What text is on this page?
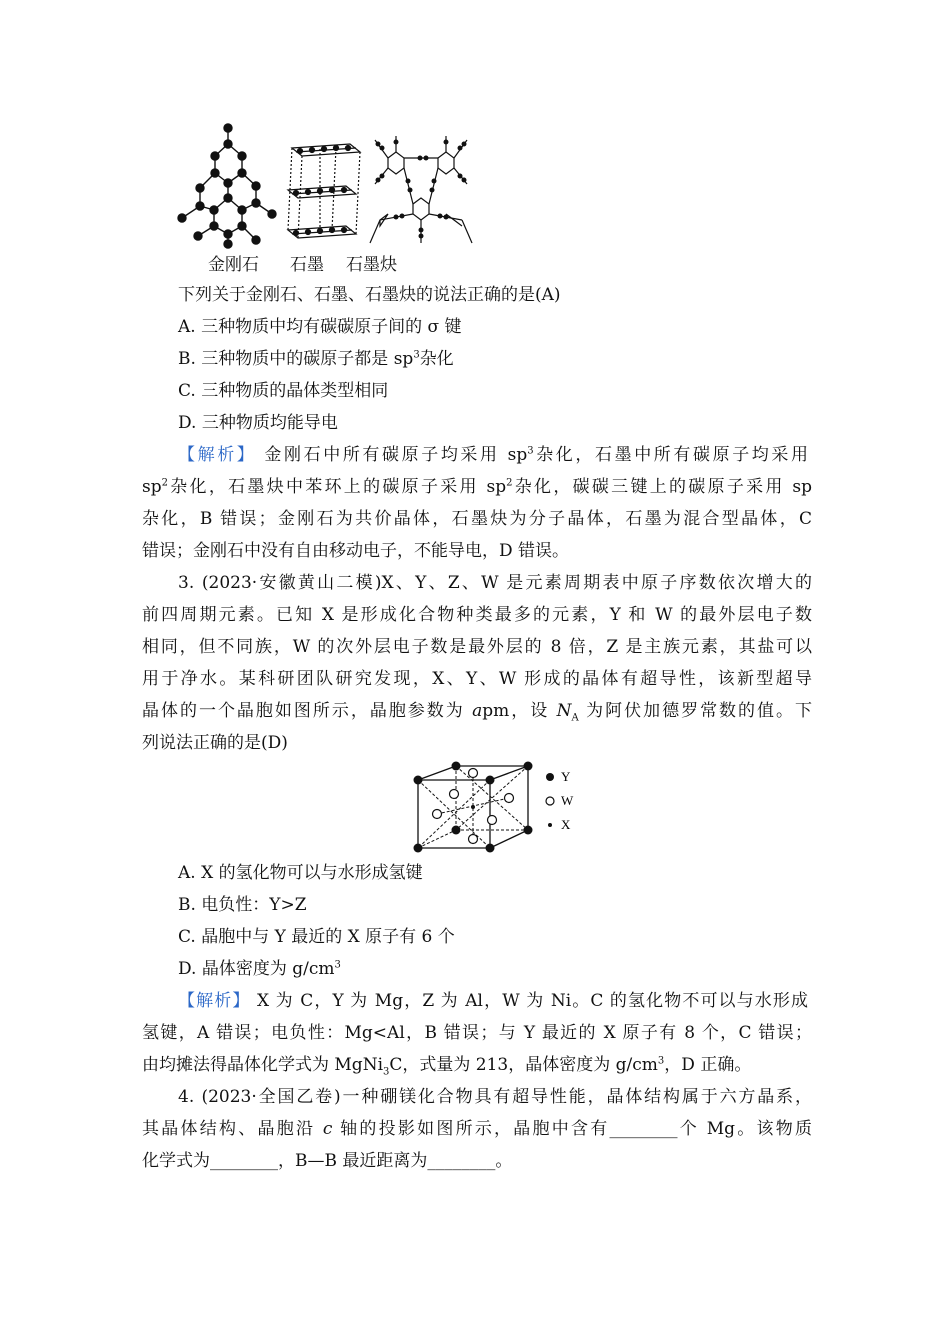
金刚石 石墨 石墨炔
下列关于金刚石、石墨、石墨炔的说法正确的是(A)
A. 三种物质中均有碳碳原子间的 σ 键
B. 三种物质中的碳原子都是 $sp^3$杂化
C. 三种物质的晶体类型相同
D. 三种物质均能导电
【解析】 金刚石中所有碳原子均采用 $sp^3$杂化，石墨中所有碳原子均采用
$sp^2$杂化，石墨炔中苯环上的碳原子采用 $sp^2$杂化，碳碳三键上的碳原子采用 sp
杂化，B 错误；金刚石为共价晶体，石墨炔为分子晶体，石墨为混合型晶体，C
错误；金刚石中没有自由移动电子，不能导电，D 错误。
3. (2023·安徽黄山二模)X、Y、Z、W 是元素周期表中原子序数依次增大的
前四周期元素。已知 X 是形成化合物种类最多的元素，Y 和 W 的最外层电子数
相同，但不同族，W 的次外层电子数是最外层的 8 倍，Z 是主族元素，其盐可以
用于净水。某科研团队研究发现，X、Y、W 形成的晶体有超导性，该新型超导
晶体的一个晶胞如图所示，晶胞参数为 apm，设 $N_A$ 为阿伏加德罗常数的值。下
列说法正确的是(D)
Y
W
X
A. X 的氢化物可以与水形成氢键
B. 电负性：Y>Z
C. 晶胞中与 Y 最近的 X 原子有 6 个
D. 晶体密度为 $g/cm^3$
【解析】 X 为 C，Y 为 Mg，Z 为 Al，W 为 Ni。C 的氢化物不可以与水形成
氢键，A 错误；电负性：Mg<Al，B 错误；与 Y 最近的 X 原子有 8 个，C 错误；
由均摊法得晶体化学式为 MgNi$_3$C，式量为 213，晶体密度为 $g/cm^3$，D 正确。
4. (2023·全国乙卷)一种硼镁化合物具有超导性能，晶体结构属于六方晶系，
其晶体结构、晶胞沿 c 轴的投影如图所示，晶胞中含有________个 Mg。该物质
化学式为________，B—B 最近距离为________。
